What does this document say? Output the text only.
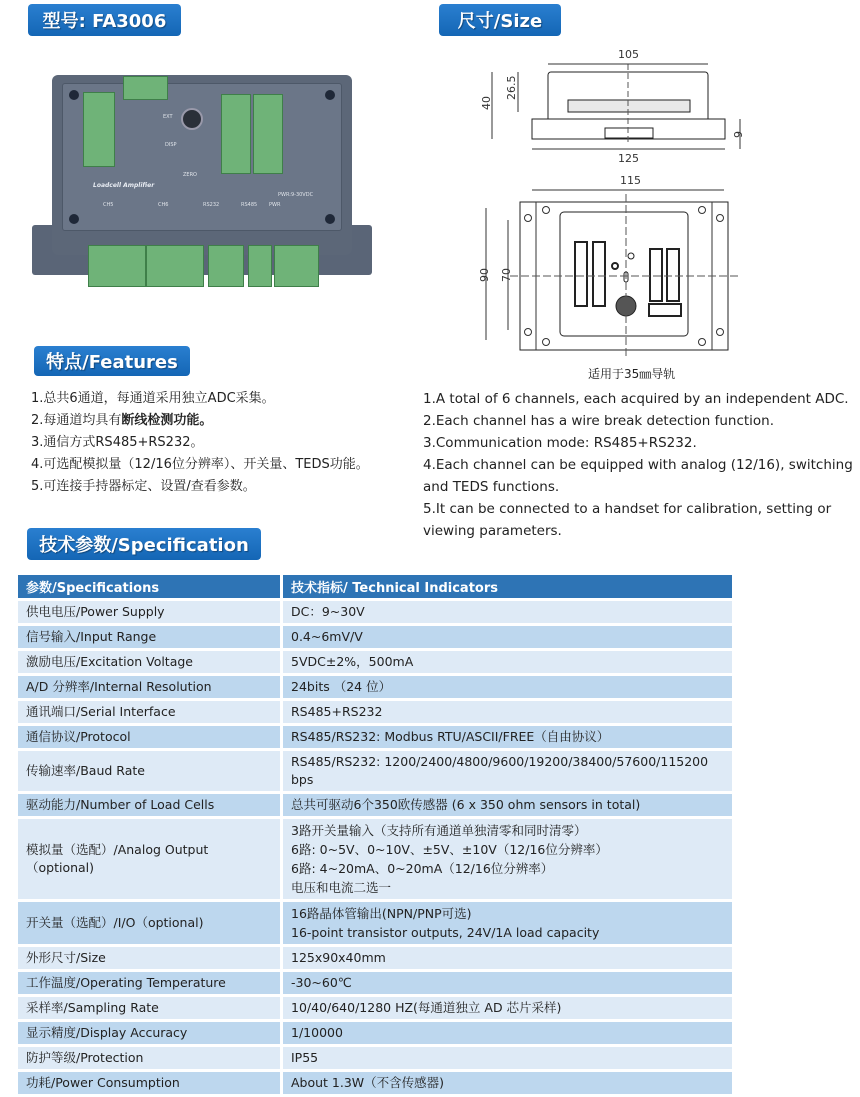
型号: FA3006	尺寸/Size
特点/Features
技术参数/Specification
EXT
DISP
ZERO
Loadcell Amplifier
PWR:9-30VDC
CH5	CH6	RS232	RS485 PWR
105
125
40
26.5
9
115
90 70
适用于35㎜导轨
1.总共6通道，每通道采用独立ADC采集。
2.每通道均具有断线检测功能。
3.通信方式RS485+RS232。
4.可选配模拟量（12/16位分辨率）、开关量、TEDS功能。
5.可连接手持器标定、设置/查看参数。
1.A total of 6 channels, each acquired by an independent ADC.
2.Each channel has a wire break detection function.
3.Communication mode: RS485+RS232.
4.Each channel can be equipped with analog (12/16), switching and TEDS functions.
5.It can be connected to a handset for calibration, setting or viewing parameters.
参数/Specifications	技术指标/ Technical Indicators
供电电压/Power Supply	DC：9~30V
信号输入/Input Range	0.4~6mV/V
激励电压/Excitation Voltage	5VDC±2%，500mA
A/D 分辨率/Internal Resolution	24bits （24 位）
通讯端口/Serial Interface	RS485+RS232
通信协议/Protocol	RS485/RS232: Modbus RTU/ASCII/FREE（自由协议）
传输速率/Baud Rate	RS485/RS232: 1200/2400/4800/9600/19200/38400/57600/115200 bps
驱动能力/Number of Load Cells	总共可驱动6个350欧传感器 (6 x 350 ohm sensors in total)
模拟量（选配）/Analog Output（optional)	3路开关量输入（支持所有通道单独清零和同时清零）
6路: 0~5V、0~10V、±5V、±10V（12/16位分辨率）
6路: 4~20mA、0~20mA（12/16位分辨率）
电压和电流二选一

开关量（选配）/I/O（optional)	16路晶体管输出(NPN/PNP可选)
16-point transistor outputs, 24V/1A load capacity

外形尺寸/Size	125x90x40mm
工作温度/Operating Temperature	-30~60℃
采样率/Sampling Rate	10/40/640/1280 HZ(每通道独立 AD 芯片采样)
显示精度/Display Accuracy	1/10000
防护等级/Protection	IP55
功耗/Power Consumption	About 1.3W（不含传感器)
